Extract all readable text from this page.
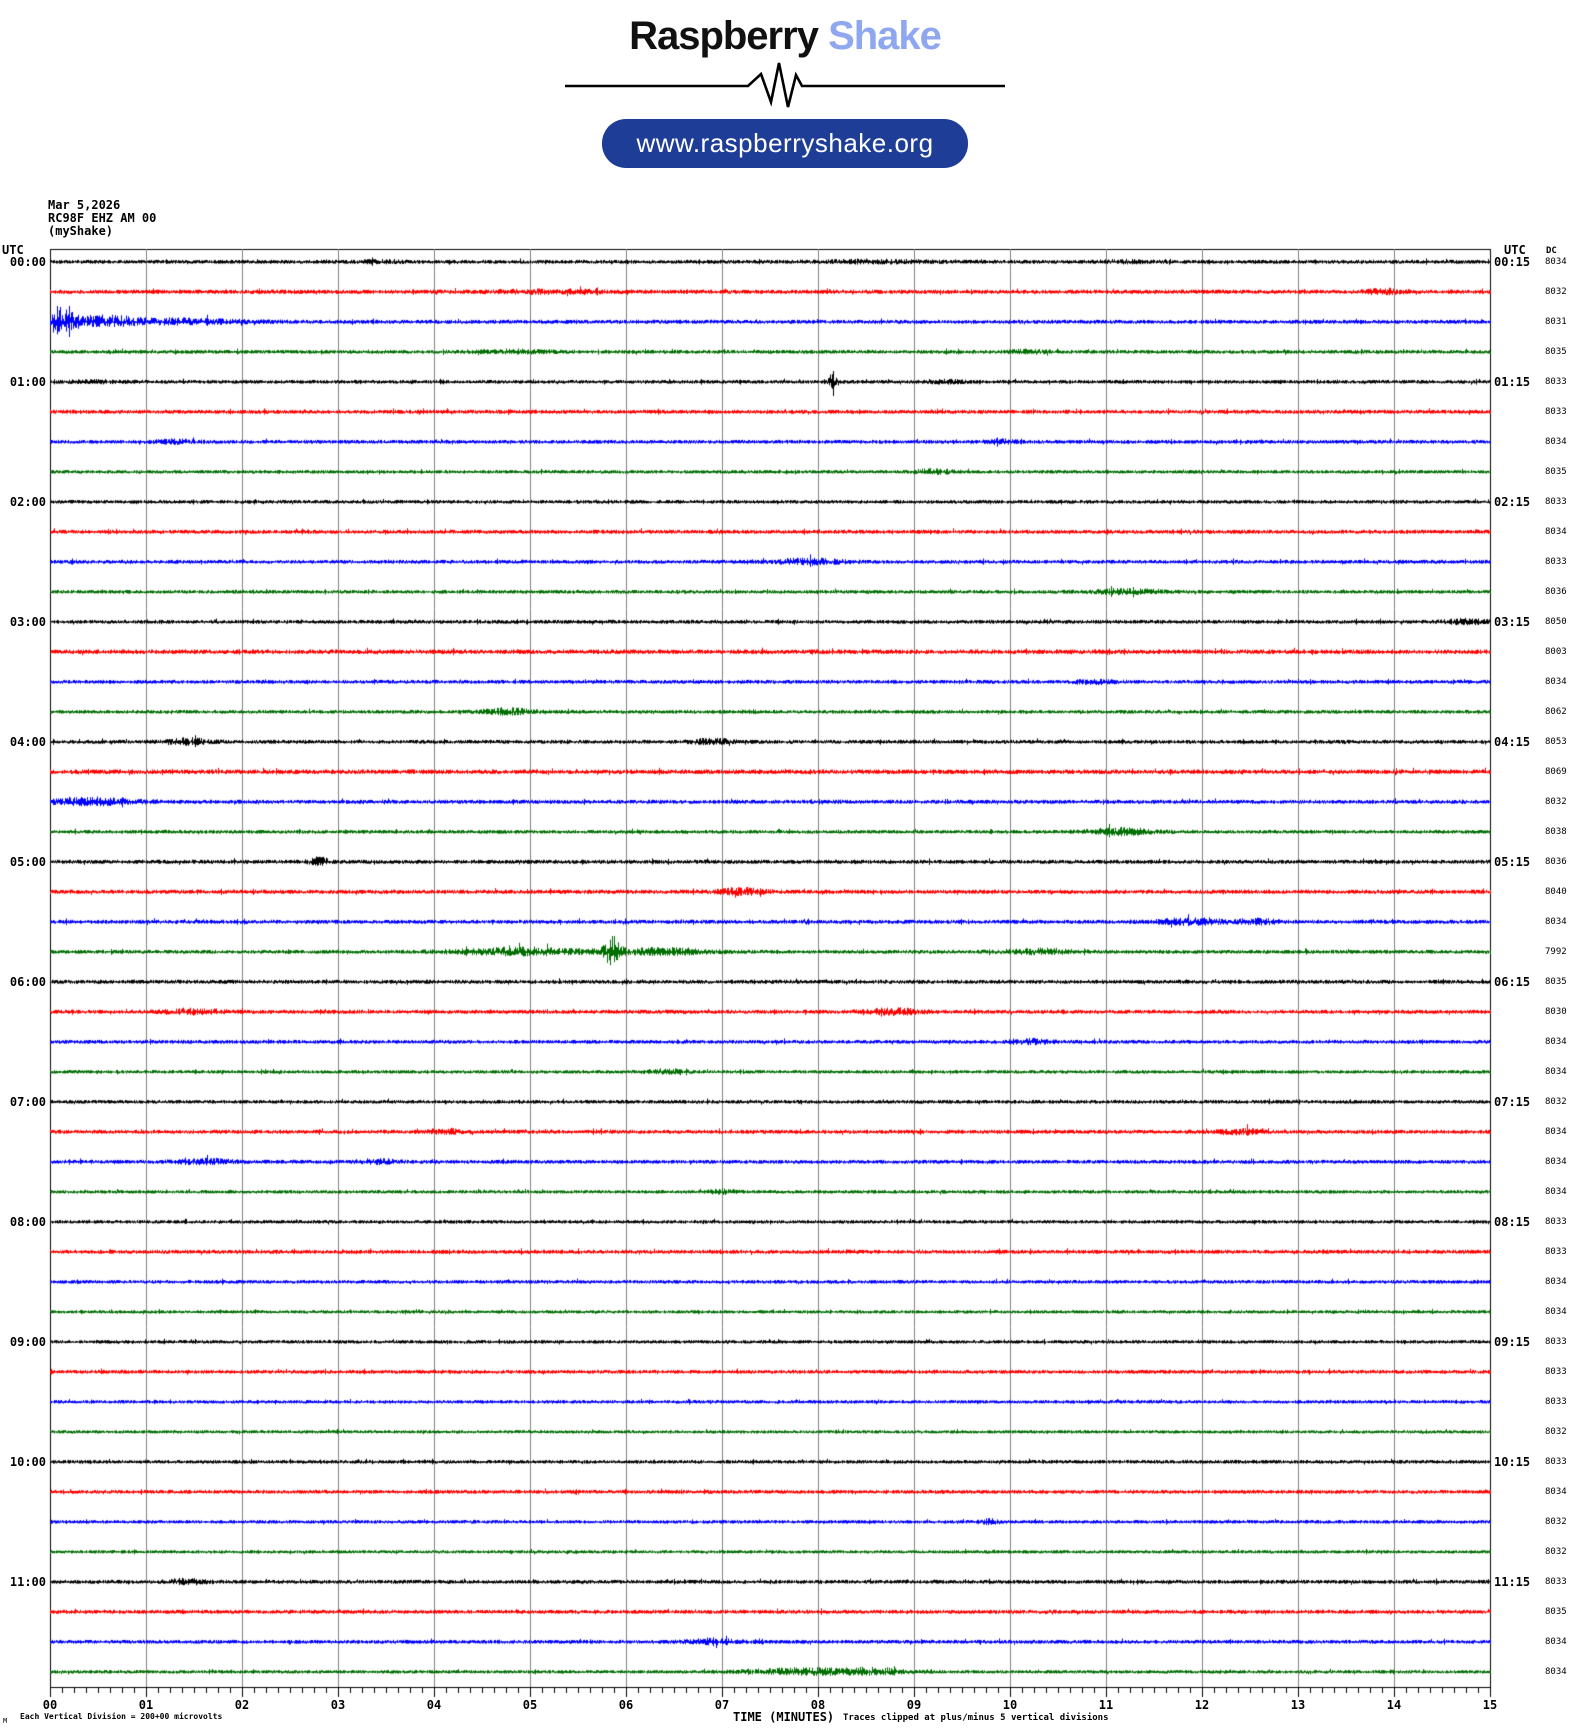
UTC	UTC DC
00:00	00:15 8034
8032
8031
8035
01:00	01:15 8033
8033
8034
8035
02:00	02:15 8033
8034
8033
8036
03:00	03:15 8050
8003
8034
8062
04:00	04:15 8053
8069
8032
8038
05:00	05:15 8036
8040
8034
7992
06:00	06:15 8035
8030
8034
8034
07:00	07:15 8032
8034
8034
8034
08:00	08:15 8033
8033
8034
8034
09:00	09:15 8033
8033
8033
8032
10:00	10:15 8033
8034
8032
8032
11:00	11:15 8033
8035
8034
8034
00	01	02	03	04	05	06	07	08	09	10	11	12	13	14	15
M Each Vertical Division = 200+00 microvolts	TIME (MINUTES) Traces clipped at plus/minus 5 vertical divisions
